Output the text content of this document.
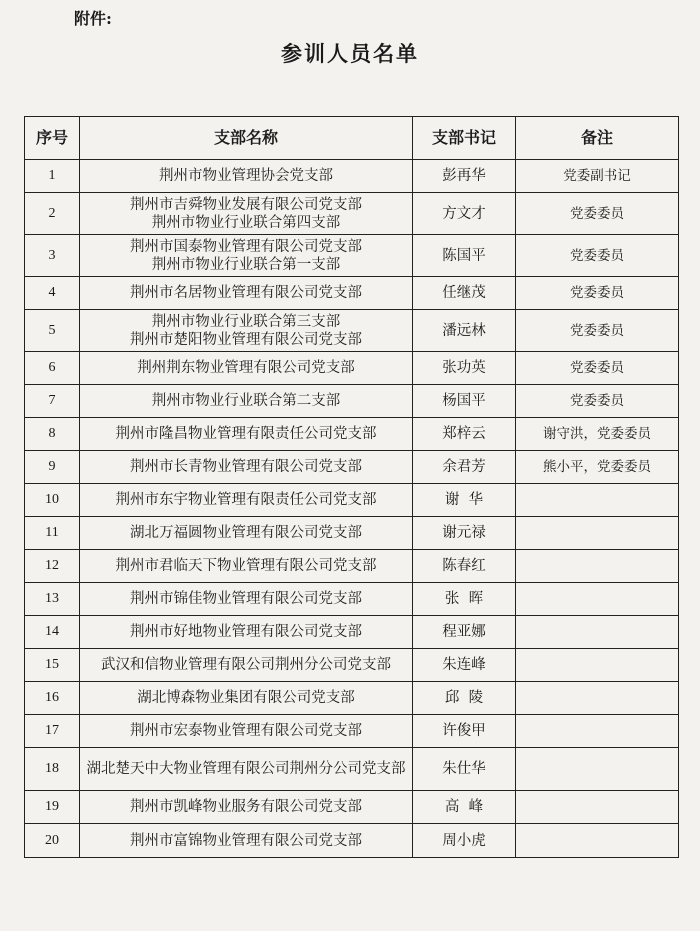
附件:
参训人员名单
序号	支部名称	支部书记	备注
1	荆州市物业管理协会党支部	彭再华	党委副书记
2	荆州市吉舜物业发展有限公司党支部
荆州市物业行业联合第四支部	方文才	党委委员
3	荆州市国泰物业管理有限公司党支部
荆州市物业行业联合第一支部	陈国平	党委委员
4	荆州市名居物业管理有限公司党支部	任继茂	党委委员
5	荆州市物业行业联合第三支部
荆州市楚阳物业管理有限公司党支部	潘远林	党委委员
6	荆州荆东物业管理有限公司党支部	张功英	党委委员
7	荆州市物业行业联合第二支部	杨国平	党委委员
8	荆州市隆昌物业管理有限责任公司党支部	郑梓云	谢守洪，党委委员
9	荆州市长青物业管理有限公司党支部	余君芳	熊小平，党委委员
10	荆州市东宇物业管理有限责任公司党支部	谢  华	
11	湖北万福圆物业管理有限公司党支部	谢元禄	
12	荆州市君临天下物业管理有限公司党支部	陈春红	
13	荆州市锦佳物业管理有限公司党支部	张  晖	
14	荆州市好地物业管理有限公司党支部	程亚娜	
15	武汉和信物业管理有限公司荆州分公司党支部	朱连峰	
16	湖北博森物业集团有限公司党支部	邱  陵	
17	荆州市宏泰物业管理有限公司党支部	许俊甲	
18	湖北楚天中大物业管理有限公司荆州分公司党支部	朱仕华	
19	荆州市凯峰物业服务有限公司党支部	高  峰	
20	荆州市富锦物业管理有限公司党支部	周小虎	
